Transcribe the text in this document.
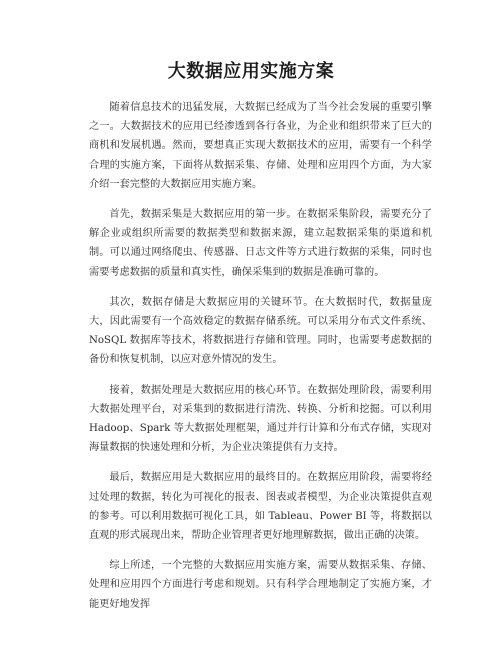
大数据应用实施方案

随着信息技术的迅猛发展，大数据已经成为了当今社会发展的重要引擎之一。大数据技术的应用已经渗透到各行各业，为企业和组织带来了巨大的商机和发展机遇。然而，要想真正实现大数据技术的应用，需要有一个科学合理的实施方案，下面将从数据采集、存储、处理和应用四个方面，为大家介绍一套完整的大数据应用实施方案。

首先，数据采集是大数据应用的第一步。在数据采集阶段，需要充分了解企业或组织所需要的数据类型和数据来源，建立起数据采集的渠道和机制。可以通过网络爬虫、传感器、日志文件等方式进行数据的采集，同时也需要考虑数据的质量和真实性，确保采集到的数据是准确可靠的。

其次，数据存储是大数据应用的关键环节。在大数据时代，数据量庞大，因此需要有一个高效稳定的数据存储系统。可以采用分布式文件系统、NoSQL 数据库等技术，将数据进行存储和管理。同时，也需要考虑数据的备份和恢复机制，以应对意外情况的发生。

接着，数据处理是大数据应用的核心环节。在数据处理阶段，需要利用大数据处理平台，对采集到的数据进行清洗、转换、分析和挖掘。可以利用 Hadoop、Spark 等大数据处理框架，通过并行计算和分布式存储，实现对海量数据的快速处理和分析，为企业决策提供有力支持。

最后，数据应用是大数据应用的最终目的。在数据应用阶段，需要将经过处理的数据，转化为可视化的报表、图表或者模型，为企业决策提供直观的参考。可以利用数据可视化工具，如 Tableau、Power BI 等，将数据以直观的形式展现出来，帮助企业管理者更好地理解数据，做出正确的决策。

综上所述，一个完整的大数据应用实施方案，需要从数据采集、存储、处理和应用四个方面进行考虑和规划。只有科学合理地制定了实施方案，才能更好地发挥
